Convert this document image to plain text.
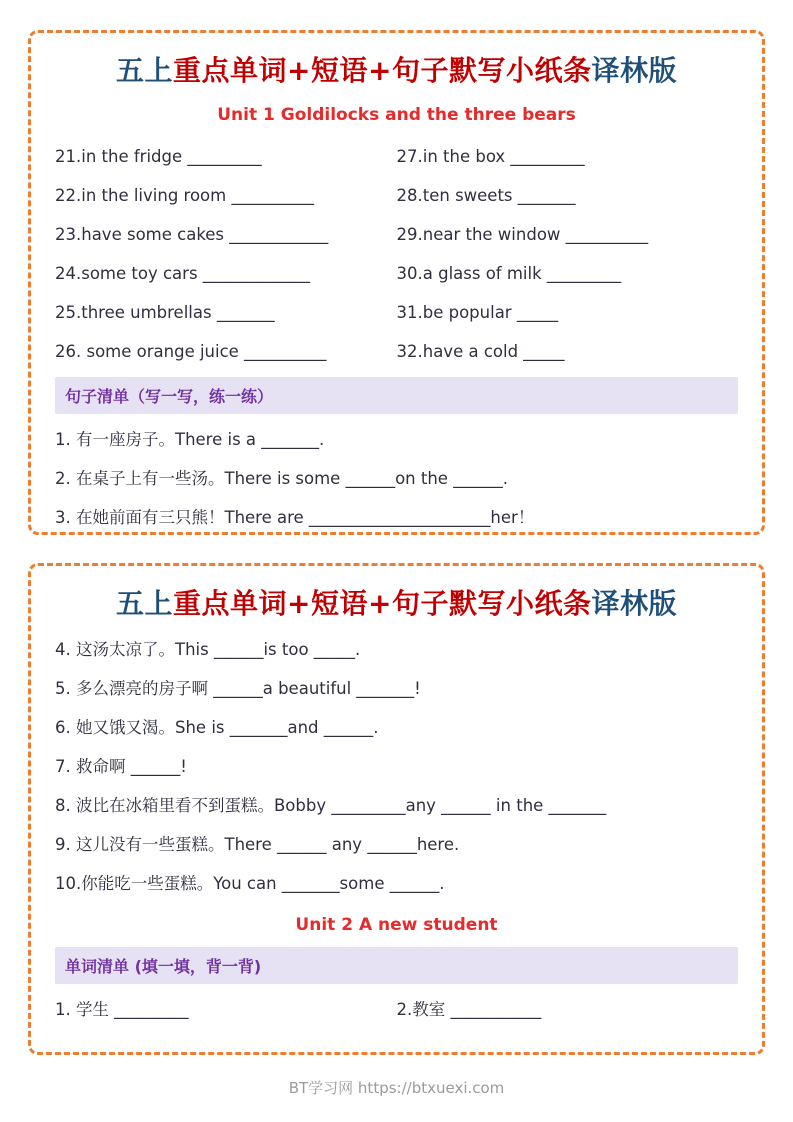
五上重点单词+短语+句子默写小纸条译林版
Unit 1 Goldilocks and the three bears
21.in the fridge _________
22.in the living room __________
23.have some cakes ____________
24.some toy cars _____________
25.three umbrellas _______
26. some orange juice __________
27.in the box _________
28.ten sweets _______
29.near the window __________
30.a glass of milk _________
31.be popular _____
32.have a cold _____
句子清单（写一写，练一练）
1. 有一座房子。There is a _______.
2. 在桌子上有一些汤。There is some ______on the ______.
3. 在她前面有三只熊！There are ______________________her！
五上重点单词+短语+句子默写小纸条译林版
4. 这汤太凉了。This ______is too _____.
5. 多么漂亮的房子啊 ______a beautiful _______!
6. 她又饿又渴。She is _______and ______.
7. 救命啊 ______!
8. 波比在冰箱里看不到蛋糕。Bobby _________any ______ in the _______
9. 这儿没有一些蛋糕。There ______ any ______here.
10.你能吃一些蛋糕。You can _______some ______.
Unit 2 A new student
单词清单 (填一填，背一背)
1. 学生 _________	2.教室 ___________
BT学习网 https://btxuexi.com
